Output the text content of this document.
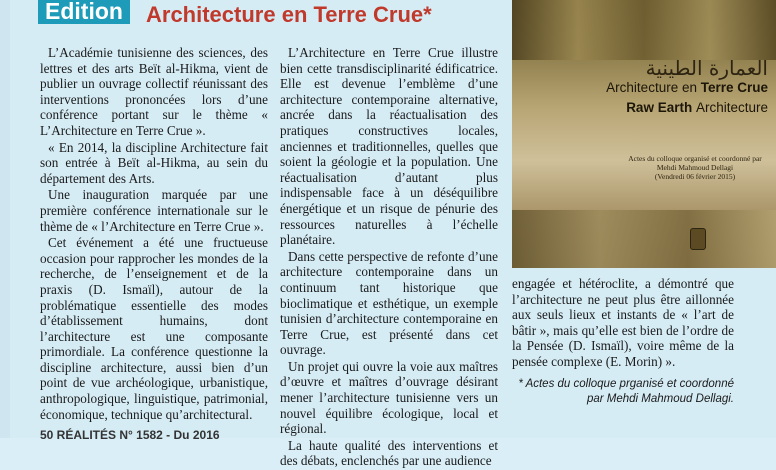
Edition	Architecture en Terre Crue*

L’Académie tunisienne des sciences, des lettres et des arts Beït al-Hikma, vient de publier un ouvrage collectif réunissant des interventions prononcées lors d’une conférence portant sur le thème « L’Architecture en Terre Crue ».

« En 2014, la discipline Architecture fait son entrée à Beït al-Hikma, au sein du département des Arts.

Une inauguration marquée par une première conférence internationale sur le thème de « l’Architecture en Terre Crue ».

Cet événement a été une fructueuse occasion pour rapprocher les mondes de la recherche, de l’enseignement et de la praxis (D. Ismaïl), autour de la problématique essentielle des modes d’établissement humains, dont l’architecture est une composante primordiale. La conférence questionne la discipline architecture, aussi bien d’un point de vue archéologique, urbanistique, anthropologique, linguistique, patrimonial, économique, technique qu’architectural.

L’Architecture en Terre Crue illustre bien cette transdisciplinarité édificatrice. Elle est devenue l’emblème d’une architecture contemporaine alternative, ancrée dans la réactualisation des pratiques constructives locales, anciennes et traditionnelles, quelles que soient la géologie et la population. Une réactualisation d’autant plus indispensable face à un déséquilibre énergétique et un risque de pénurie des ressources naturelles à l’échelle planétaire.

Dans cette perspective de refonte d’une architecture contemporaine dans un continuum tant historique que bioclimatique et esthétique, un exemple tunisien d’architecture contemporaine en Terre Crue, est présenté dans cet ouvrage.

Un projet qui ouvre la voie aux maîtres d’œuvre et maîtres d’ouvrage désirant mener l’architecture tunisienne vers un nouvel équilibre écologique, local et régional.

La haute qualité des interventions et des débats, enclenchés par une audience

العمارة الطينية
Architecture en Terre Crue
Raw Earth Architecture
Actes du colloque organisé et coordonné par
Mehdi Mahmoud Dellagi
(Vendredi 06 février 2015)

engagée et hétéroclite, a démontré que l’architecture ne peut plus être aillonnée aux seuls lieux et instants de « l’art de bâtir », mais qu’elle est bien de l’ordre de la Pensée (D. Ismaïl), voire même de la pensée complexe (E. Morin) ».

* Actes du colloque prganisé et coordonné par Mehdi Mahmoud Dellagi.
50 RÉALITÉS N° 1582 - Du 2016
